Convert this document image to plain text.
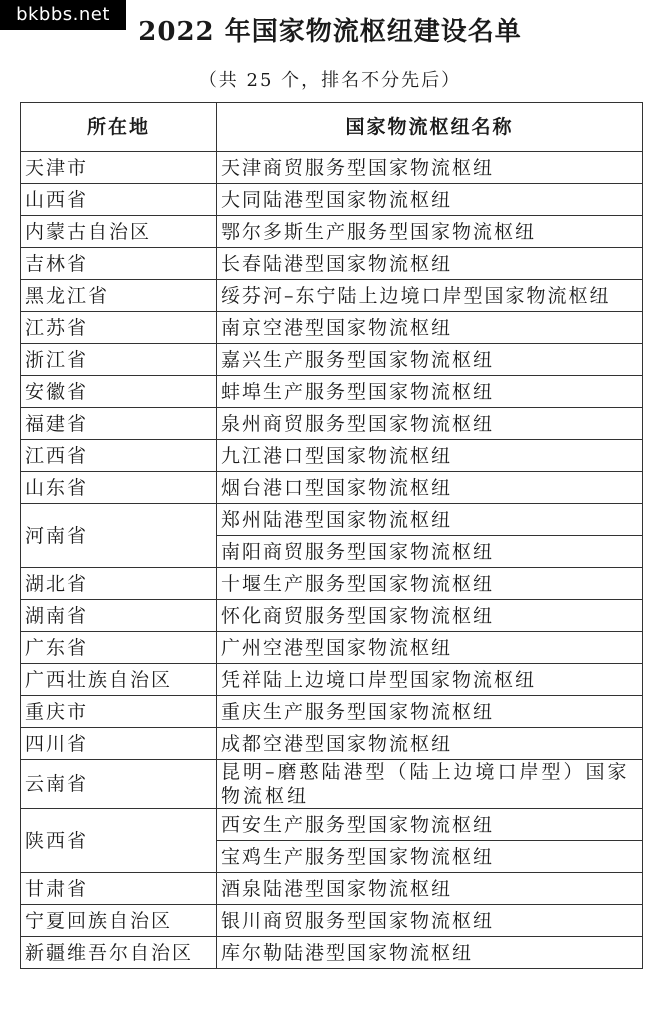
bkbbs.net
2022 年国家物流枢纽建设名单
（共 25 个，排名不分先后）
所在地	国家物流枢纽名称
天津市	天津商贸服务型国家物流枢纽
山西省	大同陆港型国家物流枢纽
内蒙古自治区	鄂尔多斯生产服务型国家物流枢纽
吉林省	长春陆港型国家物流枢纽
黑龙江省	绥芬河–东宁陆上边境口岸型国家物流枢纽
江苏省	南京空港型国家物流枢纽
浙江省	嘉兴生产服务型国家物流枢纽
安徽省	蚌埠生产服务型国家物流枢纽
福建省	泉州商贸服务型国家物流枢纽
江西省	九江港口型国家物流枢纽
山东省	烟台港口型国家物流枢纽
河南省	郑州陆港型国家物流枢纽
	南阳商贸服务型国家物流枢纽
湖北省	十堰生产服务型国家物流枢纽
湖南省	怀化商贸服务型国家物流枢纽
广东省	广州空港型国家物流枢纽
广西壮族自治区	凭祥陆上边境口岸型国家物流枢纽
重庆市	重庆生产服务型国家物流枢纽
四川省	成都空港型国家物流枢纽
云南省	昆明–磨憨陆港型（陆上边境口岸型）国家物流枢纽
陕西省	西安生产服务型国家物流枢纽
	宝鸡生产服务型国家物流枢纽
甘肃省	酒泉陆港型国家物流枢纽
宁夏回族自治区	银川商贸服务型国家物流枢纽
新疆维吾尔自治区	库尔勒陆港型国家物流枢纽
